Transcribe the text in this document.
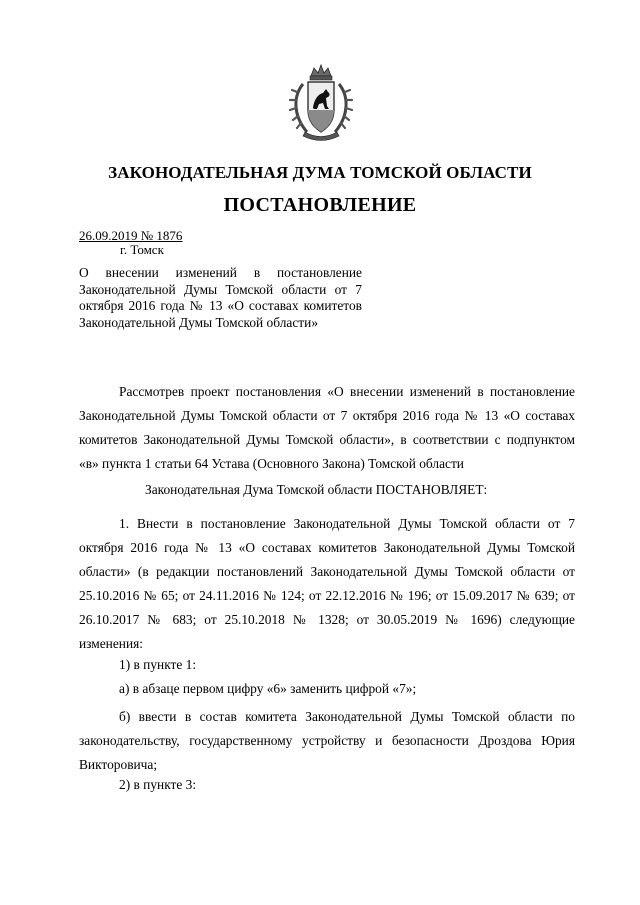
ЗАКОНОДАТЕЛЬНАЯ ДУМА ТОМСКОЙ ОБЛАСТИ
ПОСТАНОВЛЕНИЕ
26.09.2019 № 1876
г. Томск
О внесении изменений в постановление Законодательной Думы Томской области от 7 октября 2016 года № 13 «О составах комитетов Законодательной Думы Томской области»

Рассмотрев проект постановления «О внесении изменений в постановление Законодательной Думы Томской области от 7 октября 2016 года № 13 «О составах комитетов Законодательной Думы Томской области», в соответствии с подпунктом «в» пункта 1 статьи 64 Устава (Основного Закона) Томской области

Законодательная Дума Томской области ПОСТАНОВЛЯЕТ:

1. Внести в постановление Законодательной Думы Томской области от 7 октября 2016 года № 13 «О составах комитетов Законодательной Думы Томской области» (в редакции постановлений Законодательной Думы Томской области от 25.10.2016 № 65; от 24.11.2016 № 124; от 22.12.2016 № 196; от 15.09.2017 № 639; от 26.10.2017 № 683; от 25.10.2018 № 1328; от 30.05.2019 № 1696) следующие изменения:

1) в пункте 1:
а) в абзаце первом цифру «6» заменить цифрой «7»;

б) ввести в состав комитета Законодательной Думы Томской области по законодательству, государственному устройству и безопасности Дроздова Юрия Викторовича;

2) в пункте 3:
